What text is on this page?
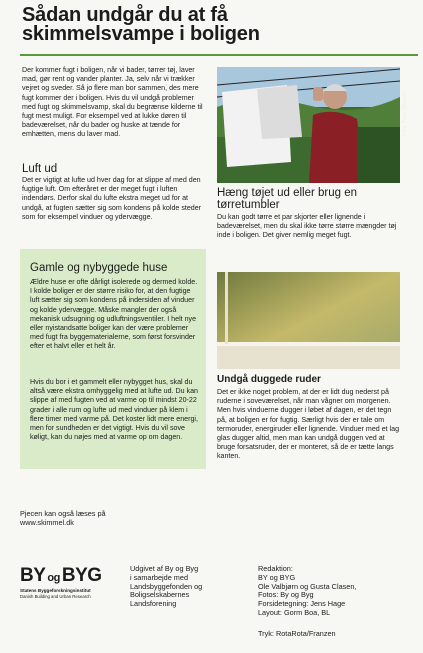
Sådan undgår du at få skimmelsvampe i boligen
Der kommer fugt i boligen, når vi bader, tørrer tøj, laver mad, gør rent og vander planter. Ja, selv når vi trækker vejret og sveder. Så jo flere man bor sammen, des mere fugt kommer der i boligen. Hvis du vil undgå problemer med fugt og skimmelsvamp, skal du begrænse kilderne til fugt mest muligt. For eksempel ved at lukke døren til badeværelset, når du bader og huske at tænde for emhætten, mens du laver mad.
Luft ud
Det er vigtigt at lufte ud hver dag for at slippe af med den fugtige luft. Om efteråret er der meget fugt i luften indendørs. Derfor skal du lufte ekstra meget ud for at undgå, at fugten sætter sig som kondens på kolde steder som for eksempel vinduer og ydervægge.
Gamle og nybyggede huse
Ældre huse er ofte dårligt isolerede og dermed kolde. I kolde boliger er der større risiko for, at den fugtige luft sætter sig som kondens på indersiden af vinduer og kolde ydervægge. Måske mangler der også mekanisk udsugning og udluftningsventiler. I helt nye eller nyistandsatte boliger kan der være problemer med fugt fra byggematerialerne, som først forsvinder efter et halvt eller et helt år.
Hvis du bor i et gammelt eller nybygget hus, skal du altså være ekstra omhyggelig med at lufte ud. Du kan slippe af med fugten ved at varme op til mindst 20-22 grader i alle rum og lufte ud med vinduer på klem i flere timer med varme på. Det koster lidt mere energi, men for sundheden er det vigtigt. Hvis du vil sove køligt, kan du nøjes med at varme op om dagen.
Foto: Peter Simaeki
Hæng tøjet ud eller brug en tørretumbler
Du kan godt tørre et par skjorter eller lignende i badeværelset, men du skal ikke tørre større mængder tøj inde i boligen. Det giver nemlig meget fugt.
Undgå duggede ruder
Det er ikke noget problem, at der er lidt dug nederst på ruderne i soveværelset, når man vågner om morgenen. Men hvis vinduerne dugger i løbet af dagen, er det tegn på, at boligen er for fugtig. Særligt hvis der er tale om termoruder, energiruder eller lignende. Vinduer med et lag glas dugger altid, men man kan undgå duggen ved at bruge forsatsruder, der er monteret, så de er tætte langs kanten.
Pjecen kan også læses på
www.skimmel.dk
BY og BYG
Statens Byggeforskningsinstitut
Danish Building and Urban Research
Udgivet af By og Byg
i samarbejde med
Landsbyggefonden og
Boligselskabernes
Landsforening
Redaktion:
BY og BYG
Ole Valbjørn og Gusta Clasen,
Fotos: By og Byg
Forsidetegning: Jens Hage
Layout: Gorm Boa, BL
Tryk: RotaRota/Franzen
